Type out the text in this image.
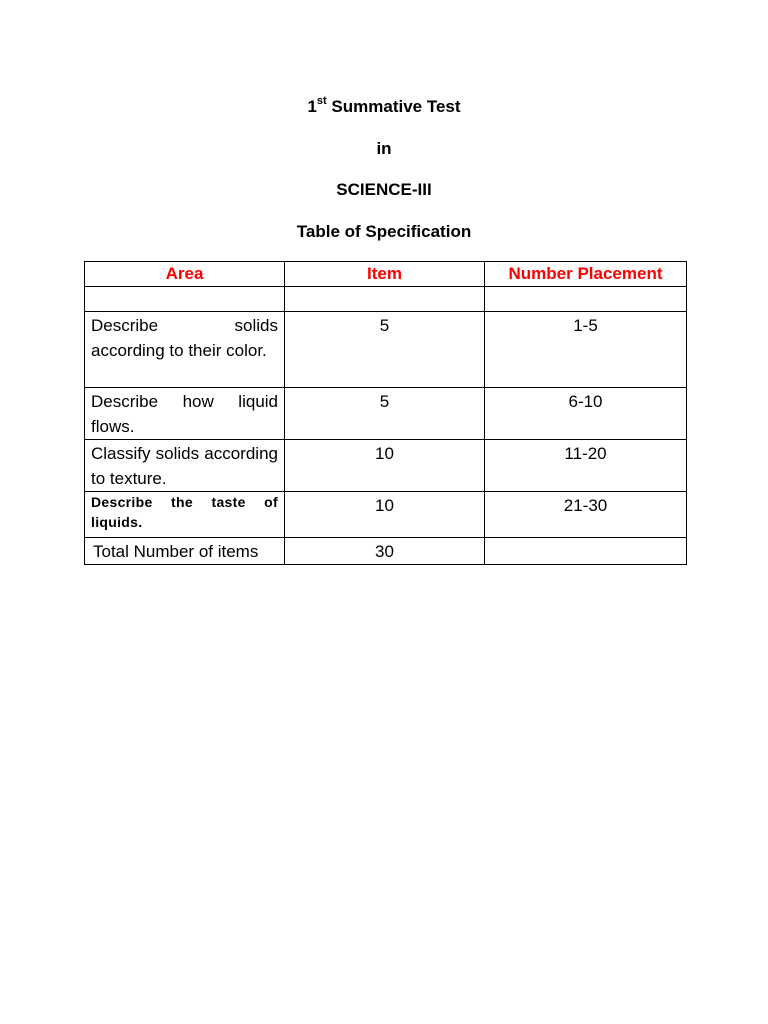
1st Summative Test
in
SCIENCE-III
Table of Specification
Area	Item	Number Placement

Describe solids according to their color.	5	1-5
Describe how liquid flows.	5	6-10
Classify solids according to texture.	10	11-20
Describe the taste of liquids.	10	21-30
Total Number of items	30	
